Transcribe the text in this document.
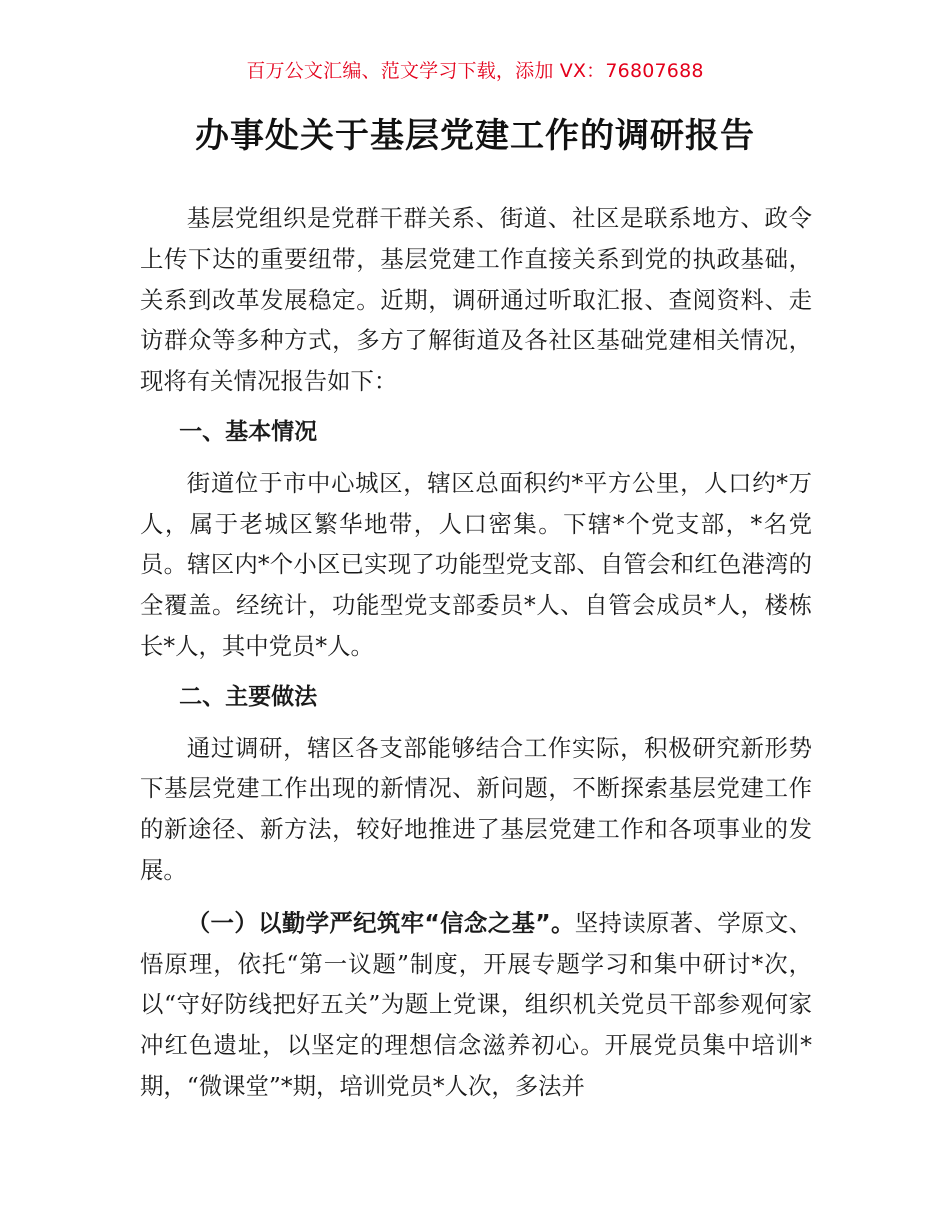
百万公文汇编、范文学习下载，添加 VX：76807688
办事处关于基层党建工作的调研报告

基层党组织是党群干群关系、街道、社区是联系地方、政令上传下达的重要纽带，基层党建工作直接关系到党的执政基础，关系到改革发展稳定。近期，调研通过听取汇报、查阅资料、走访群众等多种方式，多方了解街道及各社区基础党建相关情况，现将有关情况报告如下：

一、基本情况

街道位于市中心城区，辖区总面积约*平方公里，人口约*万人，属于老城区繁华地带，人口密集。下辖*个党支部，*名党员。辖区内*个小区已实现了功能型党支部、自管会和红色港湾的全覆盖。经统计，功能型党支部委员*人、自管会成员*人，楼栋长*人，其中党员*人。

二、主要做法

通过调研，辖区各支部能够结合工作实际，积极研究新形势下基层党建工作出现的新情况、新问题，不断探索基层党建工作的新途径、新方法，较好地推进了基层党建工作和各项事业的发展。

（一）以勤学严纪筑牢“信念之基”。坚持读原著、学原文、悟原理，依托“第一议题”制度，开展专题学习和集中研讨*次，以“守好防线把好五关”为题上党课，组织机关党员干部参观何家冲红色遗址，以坚定的理想信念滋养初心。开展党员集中培训*期，“微课堂”*期，培训党员*人次，多法并
